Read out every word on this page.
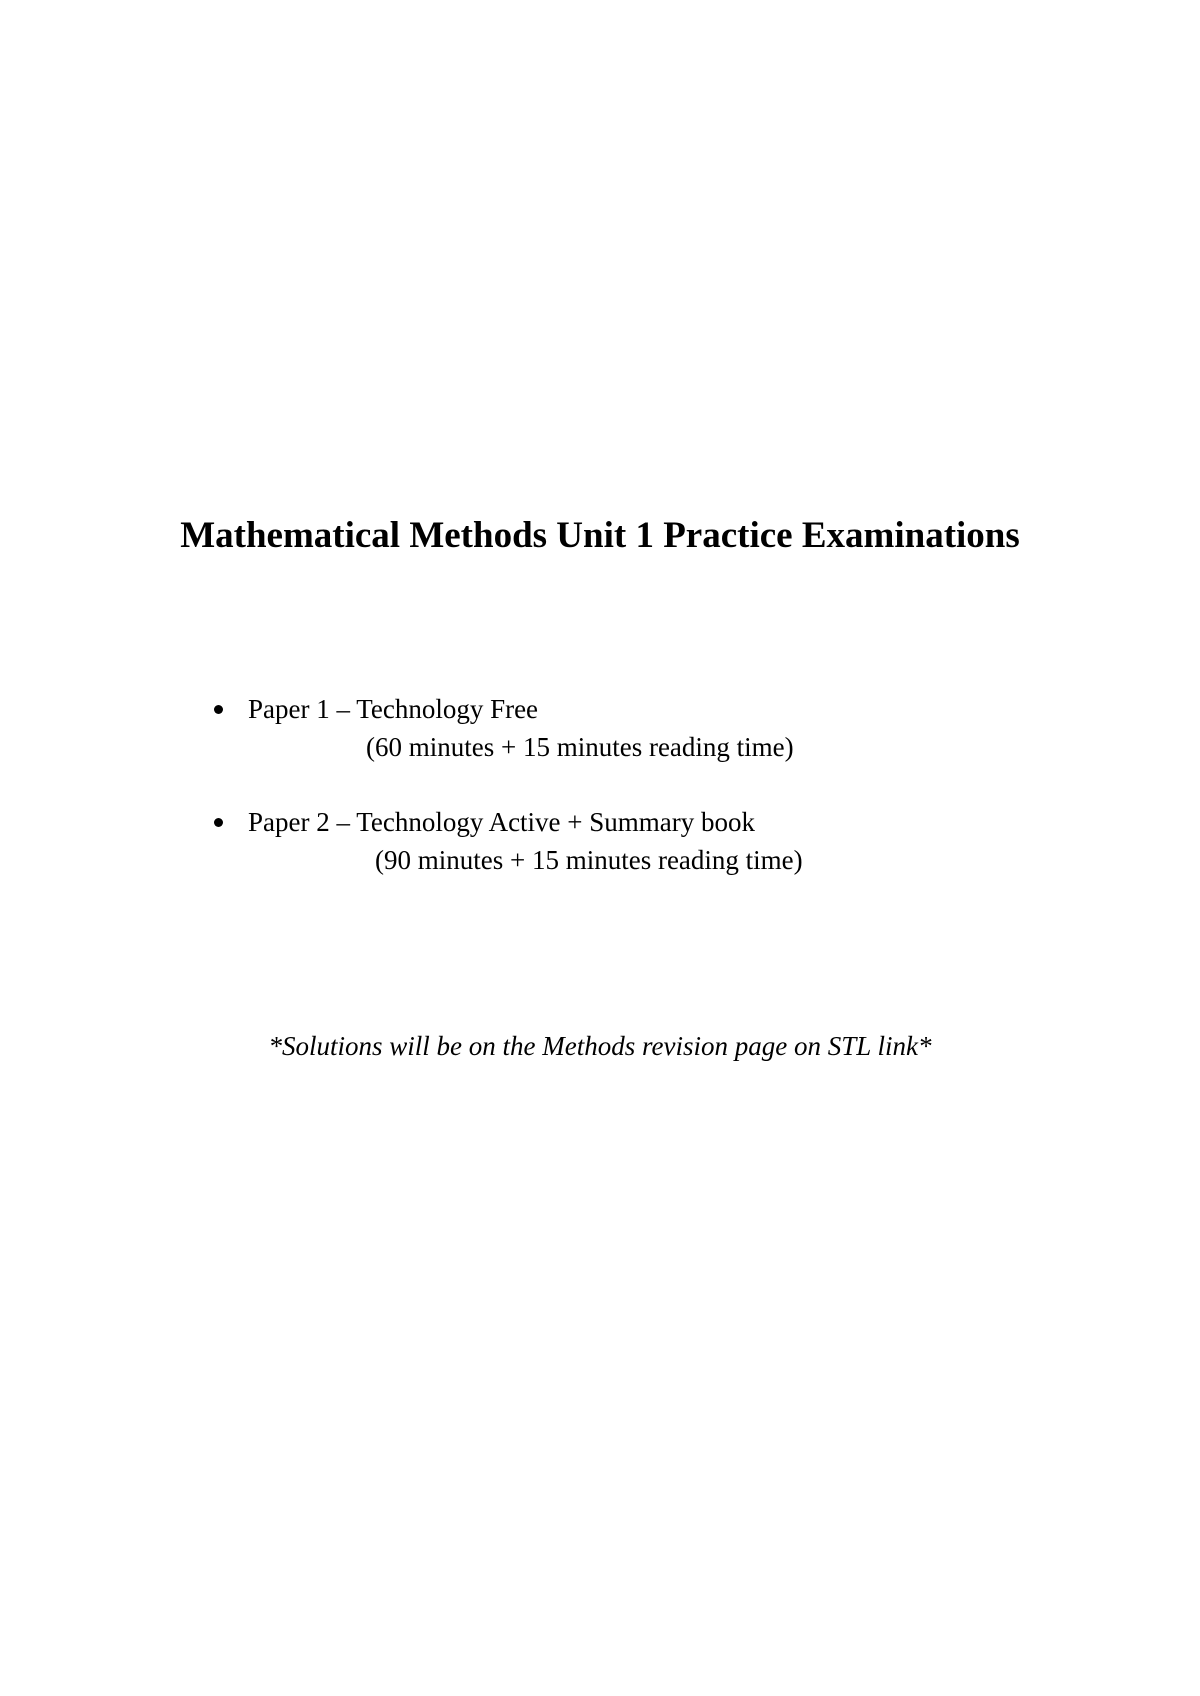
Mathematical Methods Unit 1 Practice Examinations
Paper 1 – Technology Free
(60 minutes + 15 minutes reading time)
Paper 2 – Technology Active + Summary book
(90 minutes + 15 minutes reading time)

*Solutions will be on the Methods revision page on STL link*
